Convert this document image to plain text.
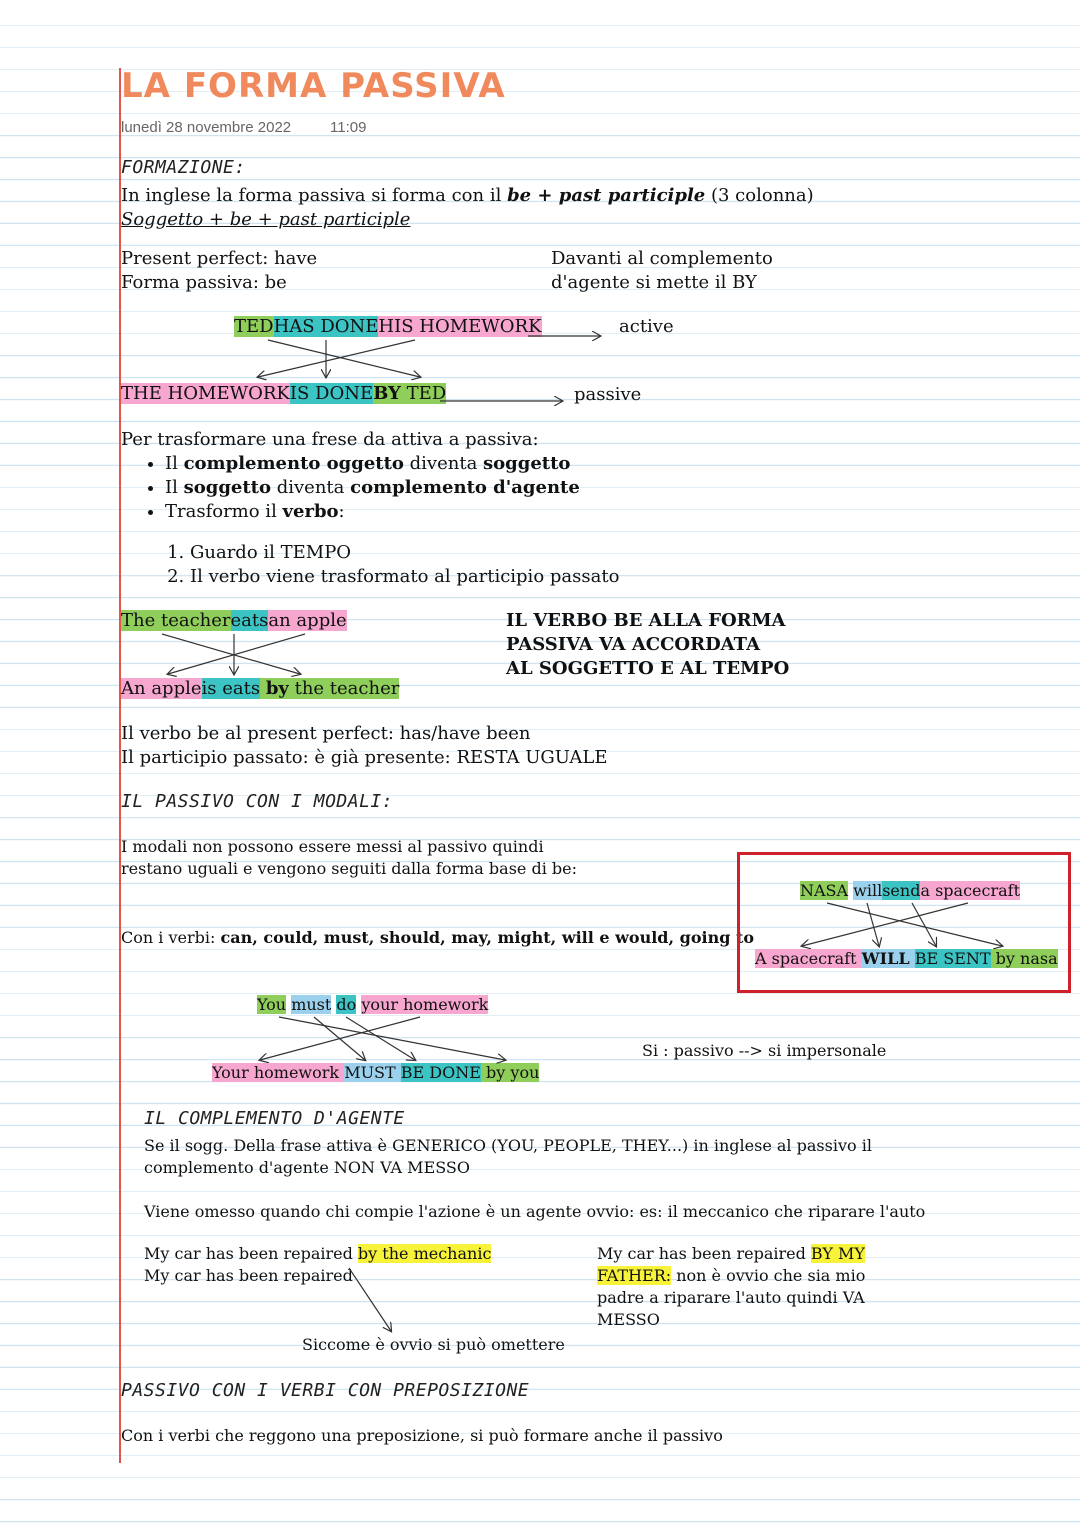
LA FORMA PASSIVA
lunedì 28 novembre 2022	11:09
FORMAZIONE:
In inglese la forma passiva si forma con il be + past participle (3 colonna)
Soggetto + be + past participle
Present perfect: have
Forma passiva: be
Davanti al complemento
d'agente si mette il BY
TEDHAS DONEHIS HOMEWORK	active
THE HOMEWORKIS DONEBY TED	passive
Per trasformare una frese da attiva a passiva:
• Il complemento oggetto diventa soggetto
• Il soggetto diventa complemento d'agente
• Trasformo il verbo:
1. Guardo il TEMPO
2. Il verbo viene trasformato al participio passato
The teachereatsan apple
An appleis eats by the teacher
IL VERBO BE ALLA FORMA
PASSIVA VA ACCORDATA
AL SOGGETTO E AL TEMPO
Il verbo be al present perfect: has/have been
Il participio passato: è già presente: RESTA UGUALE
IL PASSIVO CON I MODALI:
I modali non possono essere messi al passivo quindi
restano uguali e vengono seguiti dalla forma base di be:
Con i verbi: can, could, must, should, may, might, will e would, going to
NASA willsenda spacecraft
A spacecraft WILL BE SENT by nasa
You must do your homework
Your homework MUST BE DONE by you
Si : passivo --> si impersonale
IL COMPLEMENTO D'AGENTE
Se il sogg. Della frase attiva è GENERICO (YOU, PEOPLE, THEY...) in inglese al passivo il
complemento d'agente NON VA MESSO
Viene omesso quando chi compie l'azione è un agente ovvio: es: il meccanico che riparare l'auto
My car has been repaired by the mechanic
My car has been repaired
Siccome è ovvio si può omettere
My car has been repaired BY MY
FATHER: non è ovvio che sia mio
padre a riparare l'auto quindi VA
MESSO
PASSIVO CON I VERBI CON PREPOSIZIONE
Con i verbi che reggono una preposizione, si può formare anche il passivo
